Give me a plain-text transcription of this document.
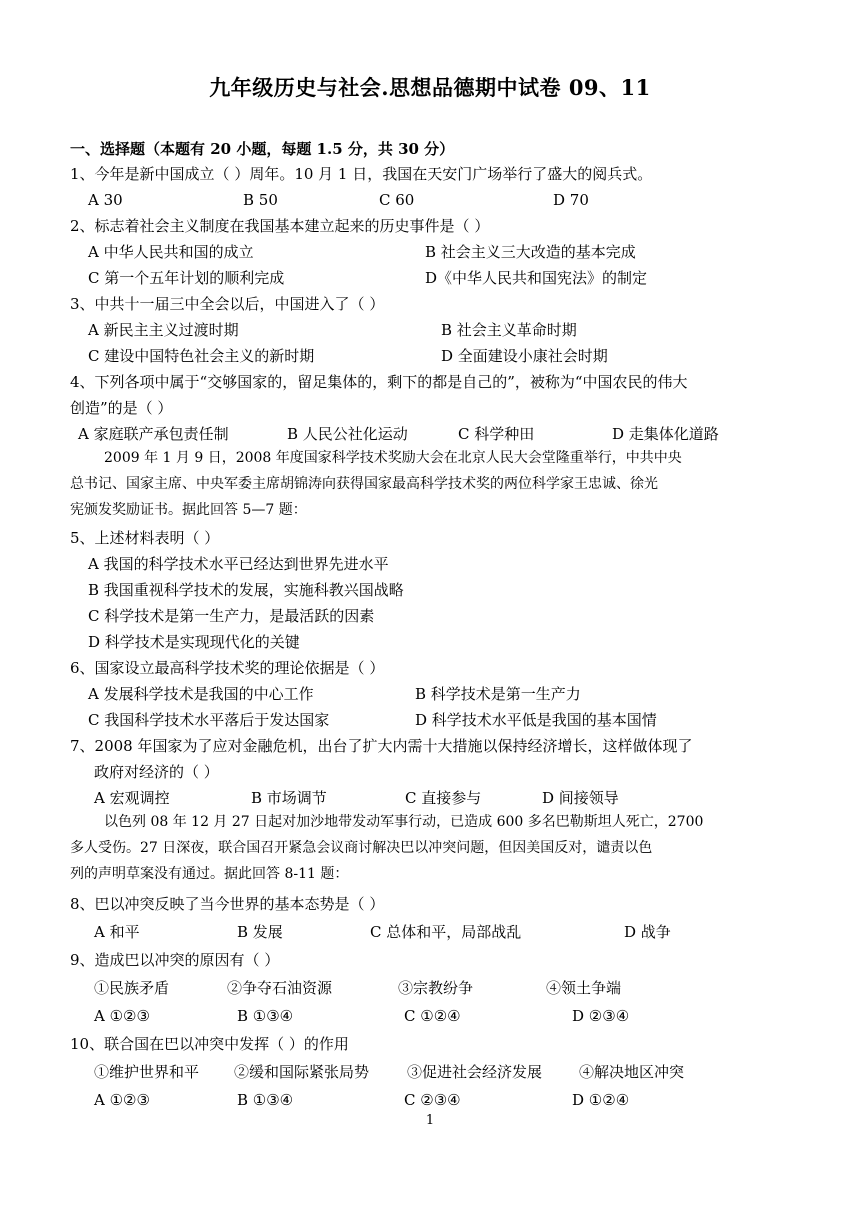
九年级历史与社会.思想品德期中试卷 09、11
一、选择题（本题有 20 小题，每题 1.5 分，共 30 分）
1、今年是新中国成立（ ）周年。10 月 1 日，我国在天安门广场举行了盛大的阅兵式。
A 30	B 50	C 60	D 70
2、标志着社会主义制度在我国基本建立起来的历史事件是（ ）
A 中华人民共和国的成立	B 社会主义三大改造的基本完成
C 第一个五年计划的顺利完成	D《中华人民共和国宪法》的制定
3、中共十一届三中全会以后，中国进入了（ ）
A 新民主主义过渡时期	B 社会主义革命时期
C 建设中国特色社会主义的新时期	D 全面建设小康社会时期
4、下列各项中属于“交够国家的，留足集体的，剩下的都是自己的”，被称为“中国农民的伟大
创造”的是（ ）
A 家庭联产承包责任制	B 人民公社化运动	C 科学种田	D 走集体化道路
2009 年 1 月 9 日，2008 年度国家科学技术奖励大会在北京人民大会堂隆重举行，中共中央
总书记、国家主席、中央军委主席胡锦涛向获得国家最高科学技术奖的两位科学家王忠诚、徐光
宪颁发奖励证书。据此回答 5—7 题：
5、上述材料表明（ ）
A 我国的科学技术水平已经达到世界先进水平
B 我国重视科学技术的发展，实施科教兴国战略
C 科学技术是第一生产力，是最活跃的因素
D 科学技术是实现现代化的关键
6、国家设立最高科学技术奖的理论依据是（ ）
A 发展科学技术是我国的中心工作	B 科学技术是第一生产力
C 我国科学技术水平落后于发达国家	D 科学技术水平低是我国的基本国情
7、2008 年国家为了应对金融危机，出台了扩大内需十大措施以保持经济增长，这样做体现了
政府对经济的（ ）
A 宏观调控	B 市场调节	C 直接参与	D 间接领导
以色列 08 年 12 月 27 日起对加沙地带发动军事行动，已造成 600 多名巴勒斯坦人死亡，2700
多人受伤。27 日深夜，联合国召开紧急会议商讨解决巴以冲突问题，但因美国反对，谴责以色
列的声明草案没有通过。据此回答 8-11 题：
8、巴以冲突反映了当今世界的基本态势是（ ）
A 和平	B 发展	C 总体和平，局部战乱	D 战争
9、造成巴以冲突的原因有（ ）
①民族矛盾	②争夺石油资源	③宗教纷争	④领土争端
A ①②③	B ①③④	C ①②④	D ②③④
10、联合国在巴以冲突中发挥（ ）的作用
①维护世界和平 ②缓和国际紧张局势	③促进社会经济发展 ④解决地区冲突
A ①②③	B ①③④	C ②③④	D ①②④
1
